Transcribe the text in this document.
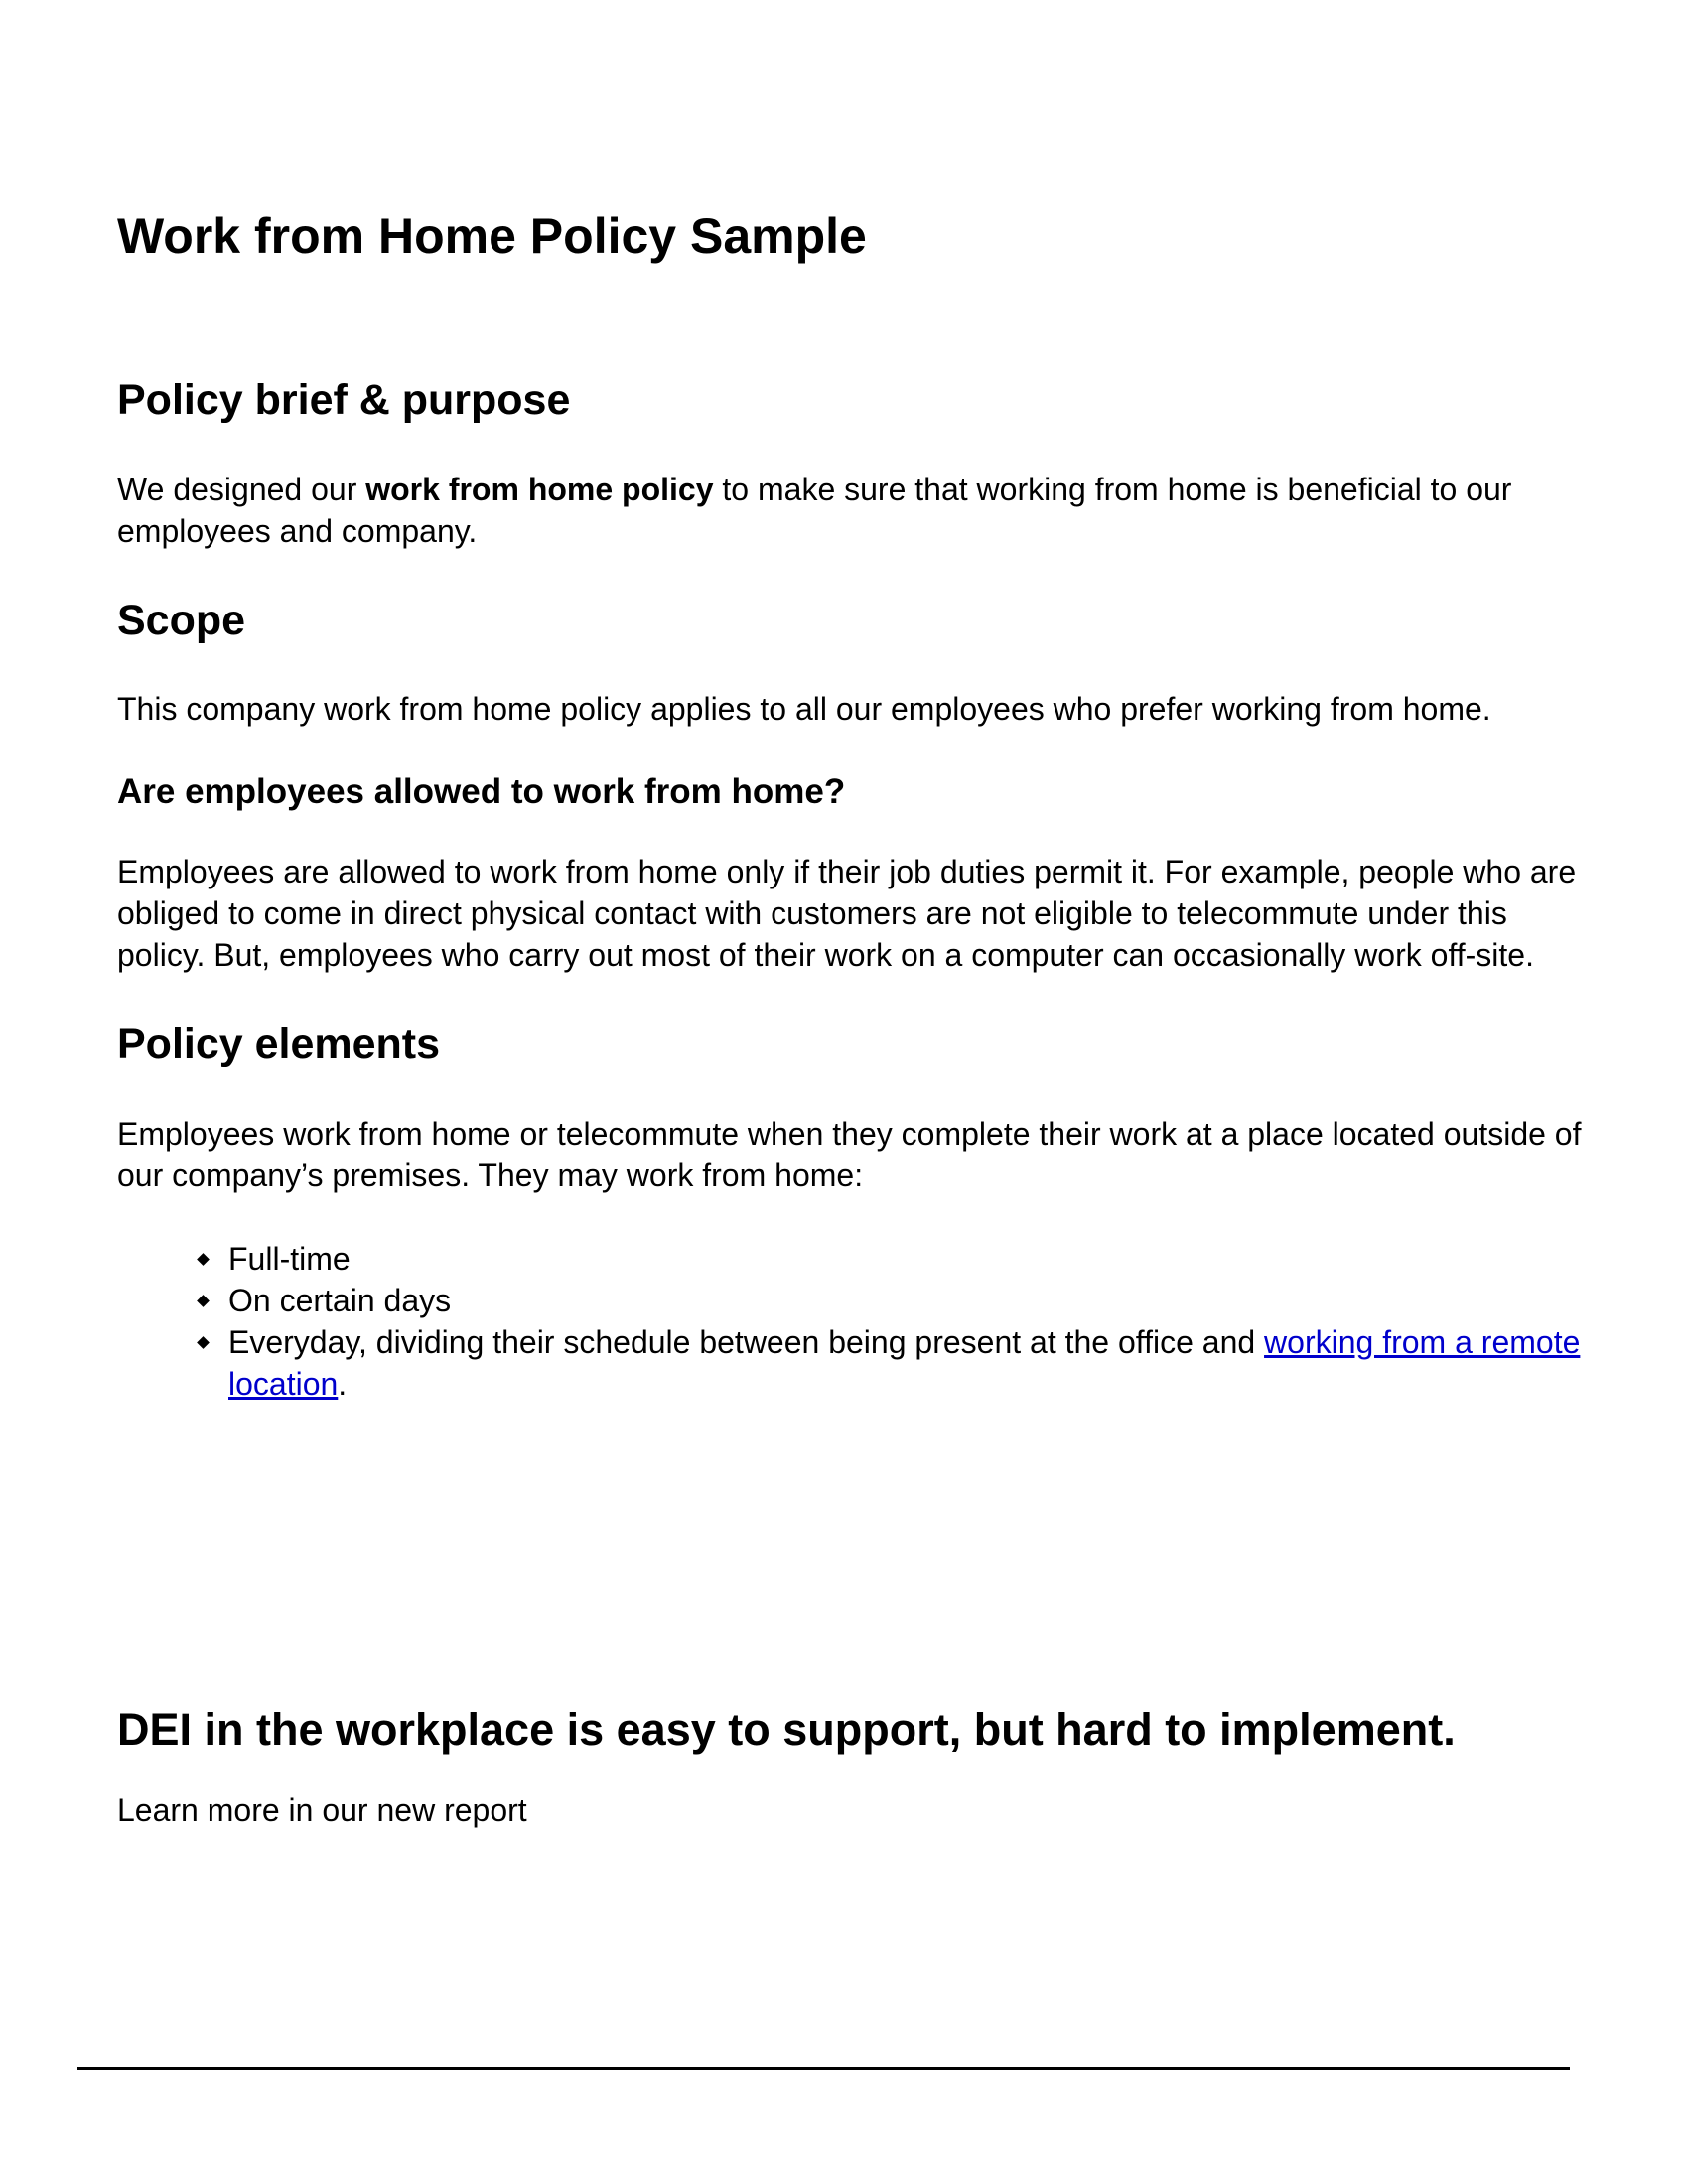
Work from Home Policy Sample
Policy brief & purpose

We designed our work from home policy to make sure that working from home is beneficial to our employees and company.

Scope

This company work from home policy applies to all our employees who prefer working from home.

Are employees allowed to work from home?

Employees are allowed to work from home only if their job duties permit it. For example, people who are obliged to come in direct physical contact with customers are not eligible to telecommute under this policy. But, employees who carry out most of their work on a computer can occasionally work off-site.

Policy elements

Employees work from home or telecommute when they complete their work at a place located outside of our company’s premises. They may work from home:

Full-time
On certain days
Everyday, dividing their schedule between being present at the office and working from a remote location.
DEI in the workplace is easy to support, but hard to implement.

Learn more in our new report
